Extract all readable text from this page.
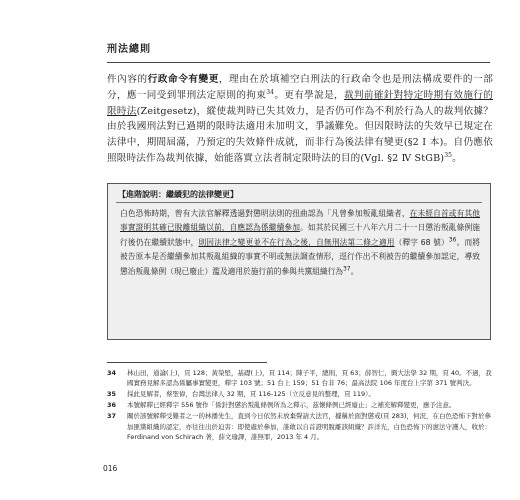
刑法總則
件內容的行政命令有變更，理由在於填補空白刑法的行政命令也是刑法構成要件的一部分，應一同受到罪刑法定原則的拘束$^{34}$。更有學說是，裁判前確針對特定時期有效施行的限時法(Zeitgesetz)，縱使裁判時已失其效力，是否仍可作為不利於行為人的裁判依據？由於我國刑法對已過期的限時法適用未加明文，爭議難免。但因限時法的失效早已規定在法律中，期間屆滿，乃預定的失效條件成就，而非行為後法律有變更(§2 Ⅰ 本)。自仍應依照限時法作為裁判依據，始能落實立法者制定限時法的目的(Vgl. §2 Ⅳ StGB)$^{35}$。
【進階說明：繼續犯的法律變更】
白色恐怖時期，曾有大法官解釋透過對懲明法則的扭曲認為「凡曾參加叛亂組織者，在未經自首或有其他事實證明其確已脫離組織以前，自應認為係繼續參加。如其於民國三十八年六月二十一日懲治叛亂條例施行後仍在繼續狀態中，則因法律之變更並不在行為之後，自無刑法第二條之適用（釋字 68 號）$^{36}$。而將被告原本是否繼續參加其叛亂組織的事實不明或無法調查情形，逕行作出不利被告的繼續參加認定，導致懲治叛亂條例（現已廢止）濫及適用於施行前的參與共黨組織行為$^{37}$。
34	林山田，通論(上)，頁 128；黃榮堅，基礎(上)，頁 114；陳子平，總則，頁 63；薛智仁，興大法學 32 期，頁 40。不過，我國實務見解多認為係屬事實變更，釋字 103 號；51 台上 159；51 台非 76；最高法院 106 年度台上字第 371 號判決。
35	採此見解者，蔡聖偉，台灣法律人 32 期，頁 116-125（立反意見的整理，頁 119）。
36	本號解釋已經釋字 556 號作「係針對懲治叛亂條例所為之釋示，茲懷條例已經廢止」之補充解釋變更，應予注意。
37	關於該號解釋受難者之一的林播先生，直到今日依然未放棄聲請大法官，據稱於面對懲戒(頁 283)，何況，在白色恐怖下對於參加匪黨組織的認定，亦往往出於迫害：即使處於參加，誰敢以自首證明脫離該組織？許洋光，白色恐怖下的憲法守護人，收於：Ferdinand von Schirach 著，薛文瑜譯，誰無罪，2013 年 4 月。
016
